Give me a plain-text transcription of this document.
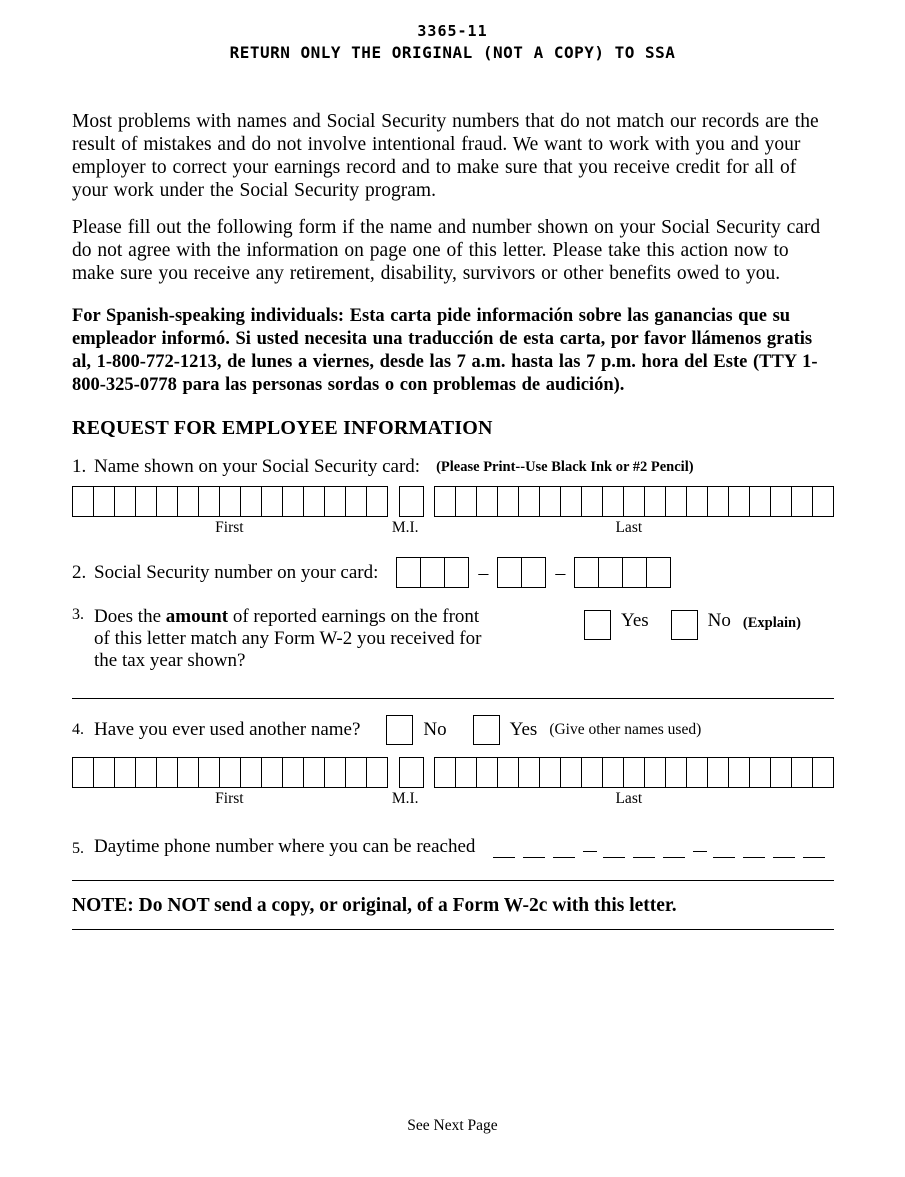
3365-11
RETURN ONLY THE ORIGINAL (NOT A COPY) TO SSA

Most problems with names and Social Security numbers that do not match our records are the result of mistakes and do not involve intentional fraud. We want to work with you and your employer to correct your earnings record and to make sure that you receive credit for all of your work under the Social Security program.

Please fill out the following form if the name and number shown on your Social Security card do not agree with the information on page one of this letter. Please take this action now to make sure you receive any retirement, disability, survivors or other benefits owed to you.

For Spanish-speaking individuals: Esta carta pide información sobre las ganancias que su empleador informó. Si usted necesita una traducción de esta carta, por favor llámenos gratis al, 1-800-772-1213, de lunes a viernes, desde las 7 a.m. hasta las 7 p.m. hora del Este (TTY 1-800-325-0778 para las personas sordas o con problemas de audición).

REQUEST FOR EMPLOYEE INFORMATION
1. Name shown on your Social Security card: (Please Print--Use Black Ink or #2 Pencil)
First	M.I.	Last
2. Social Security number on your card:	–	–
3. Does the amount of reported earnings on the front
of this letter match any Form W-2 you received for
the tax year shown?
Yes	No (Explain)
4. Have you ever used another name?	No	Yes (Give other names used)
First	M.I.	Last
5. Daytime phone number where you can be reached
NOTE: Do NOT send a copy, or original, of a Form W-2c with this letter.
See Next Page
